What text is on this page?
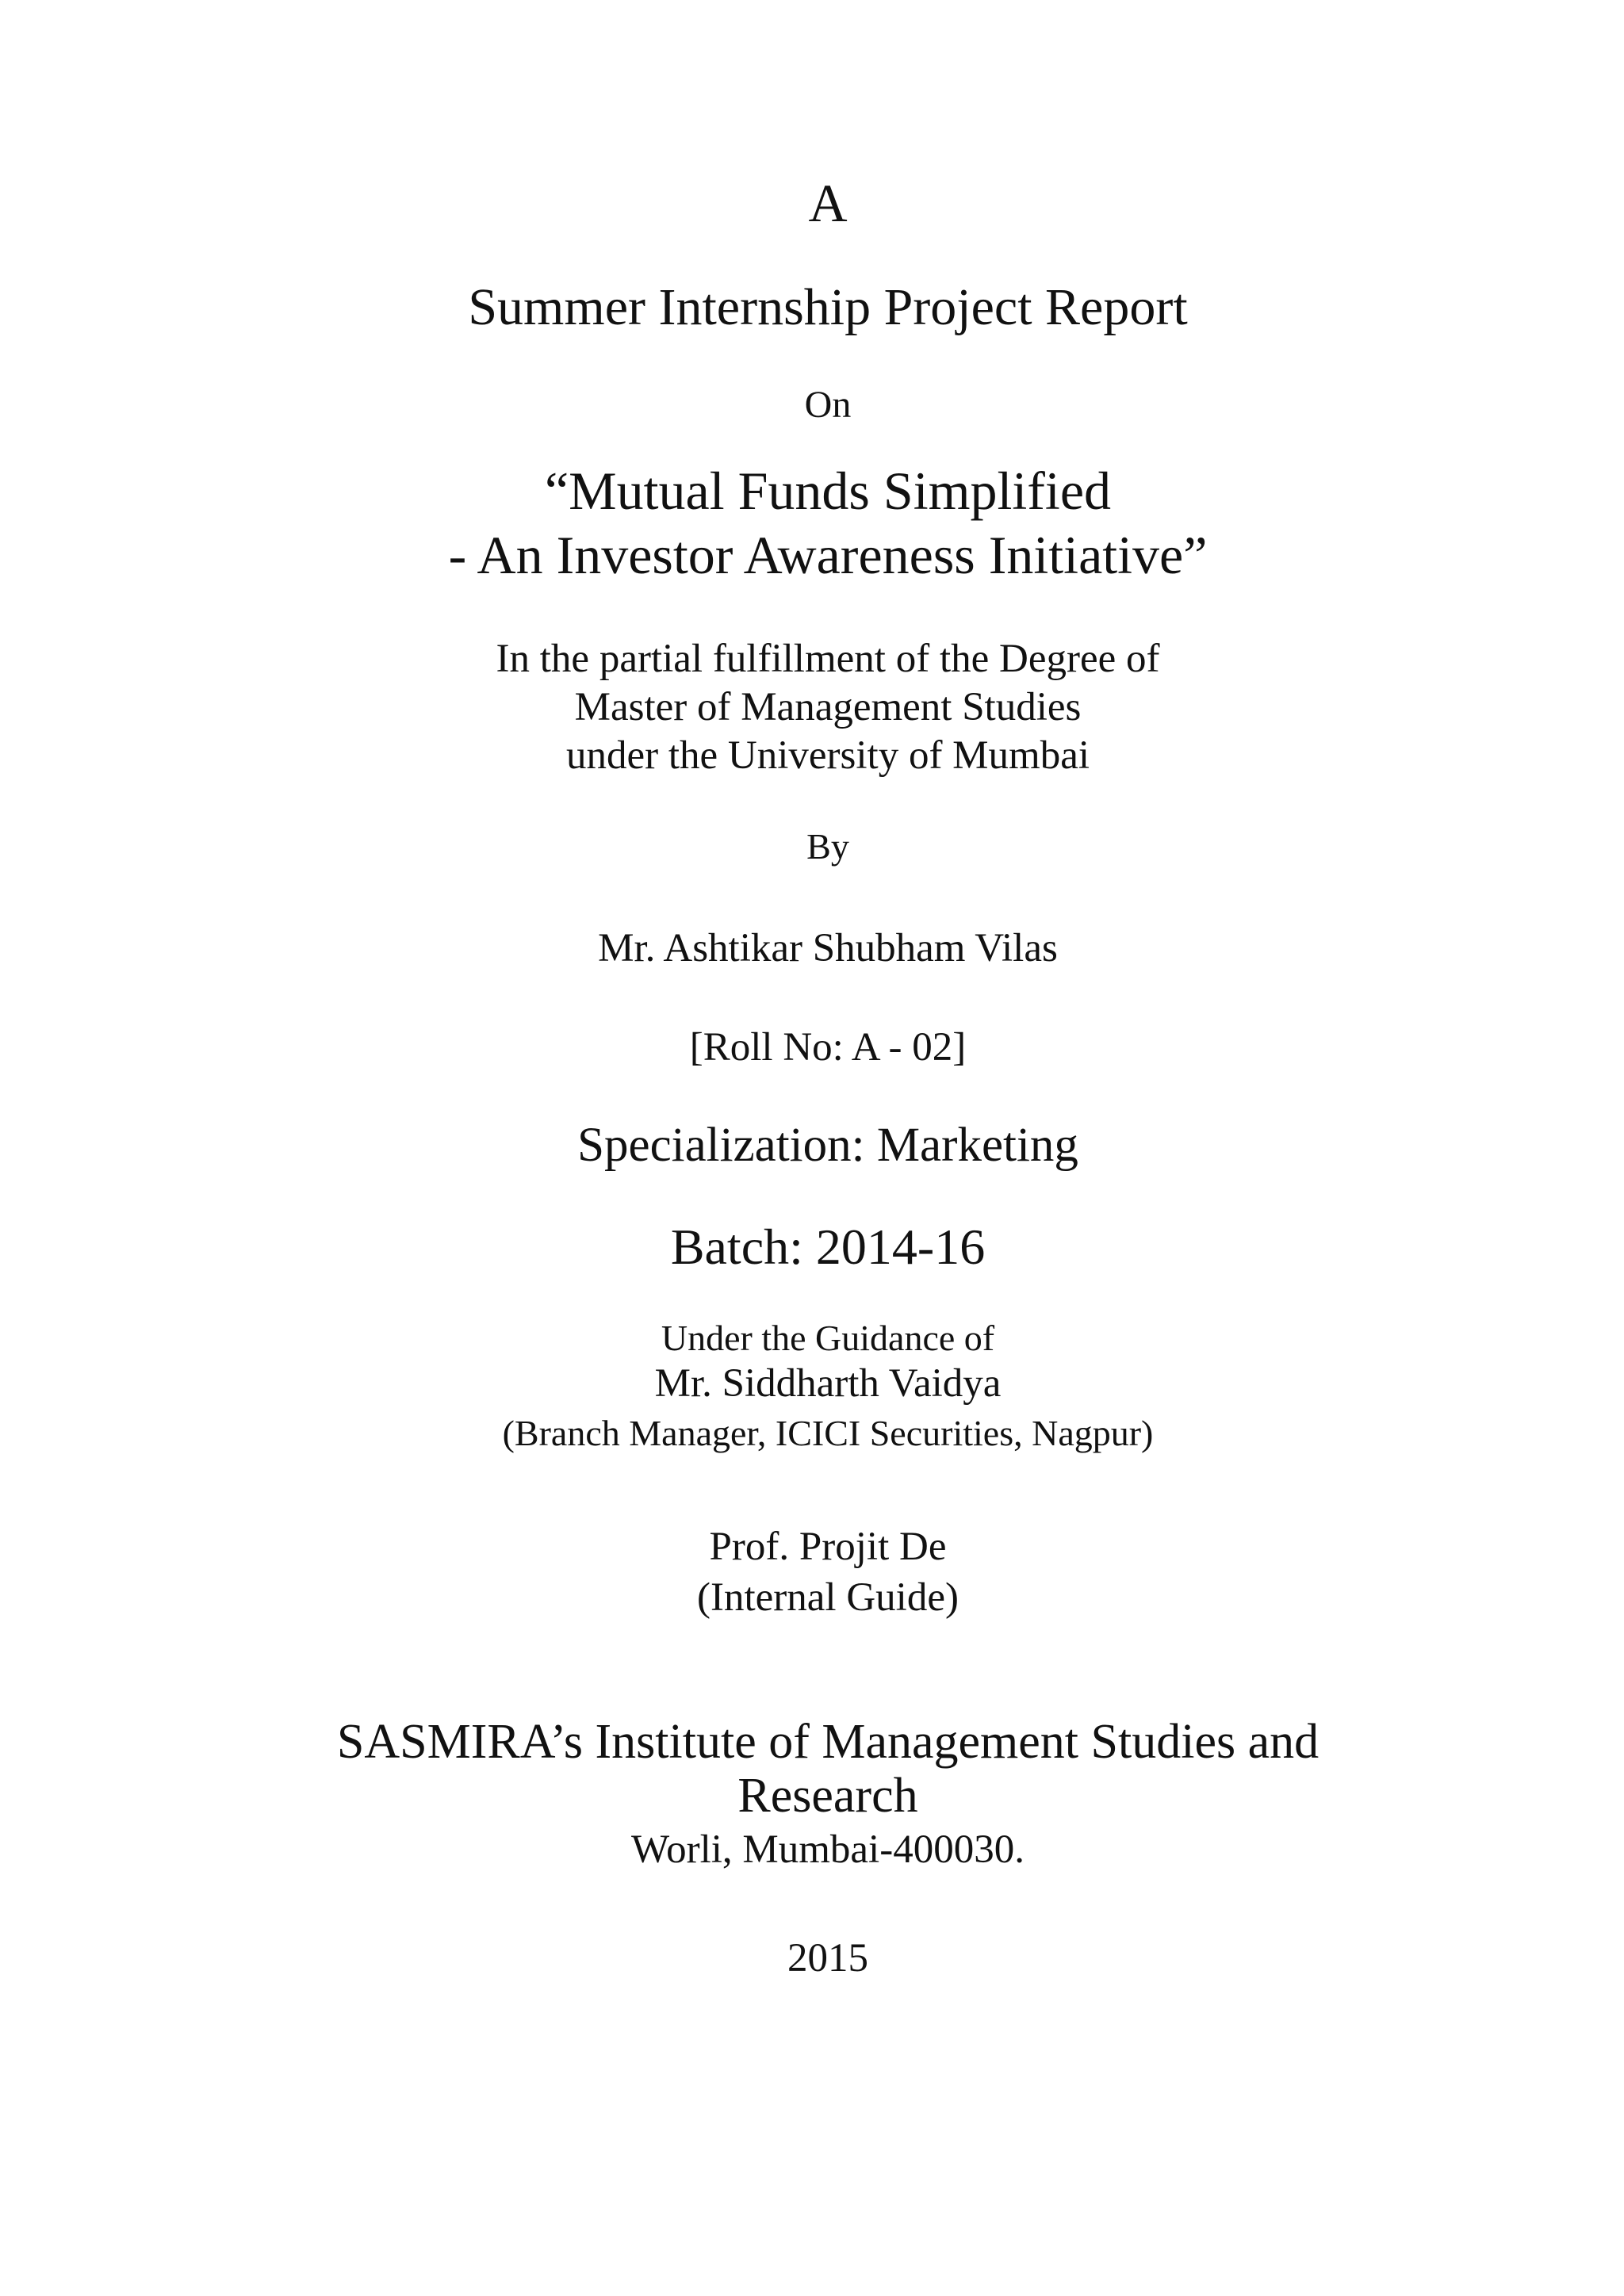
A
Summer Internship Project Report
On
“Mutual Funds Simplified
- An Investor Awareness Initiative”
In the partial fulfillment of the Degree of
Master of Management Studies
under the University of Mumbai
By
Mr. Ashtikar Shubham Vilas
[Roll No: A - 02]
Specialization: Marketing
Batch: 2014-16
Under the Guidance of
Mr. Siddharth Vaidya
(Branch Manager, ICICI Securities, Nagpur)
Prof. Projit De
(Internal Guide)
SASMIRA’s Institute of Management Studies and
Research
Worli, Mumbai-400030.
2015
